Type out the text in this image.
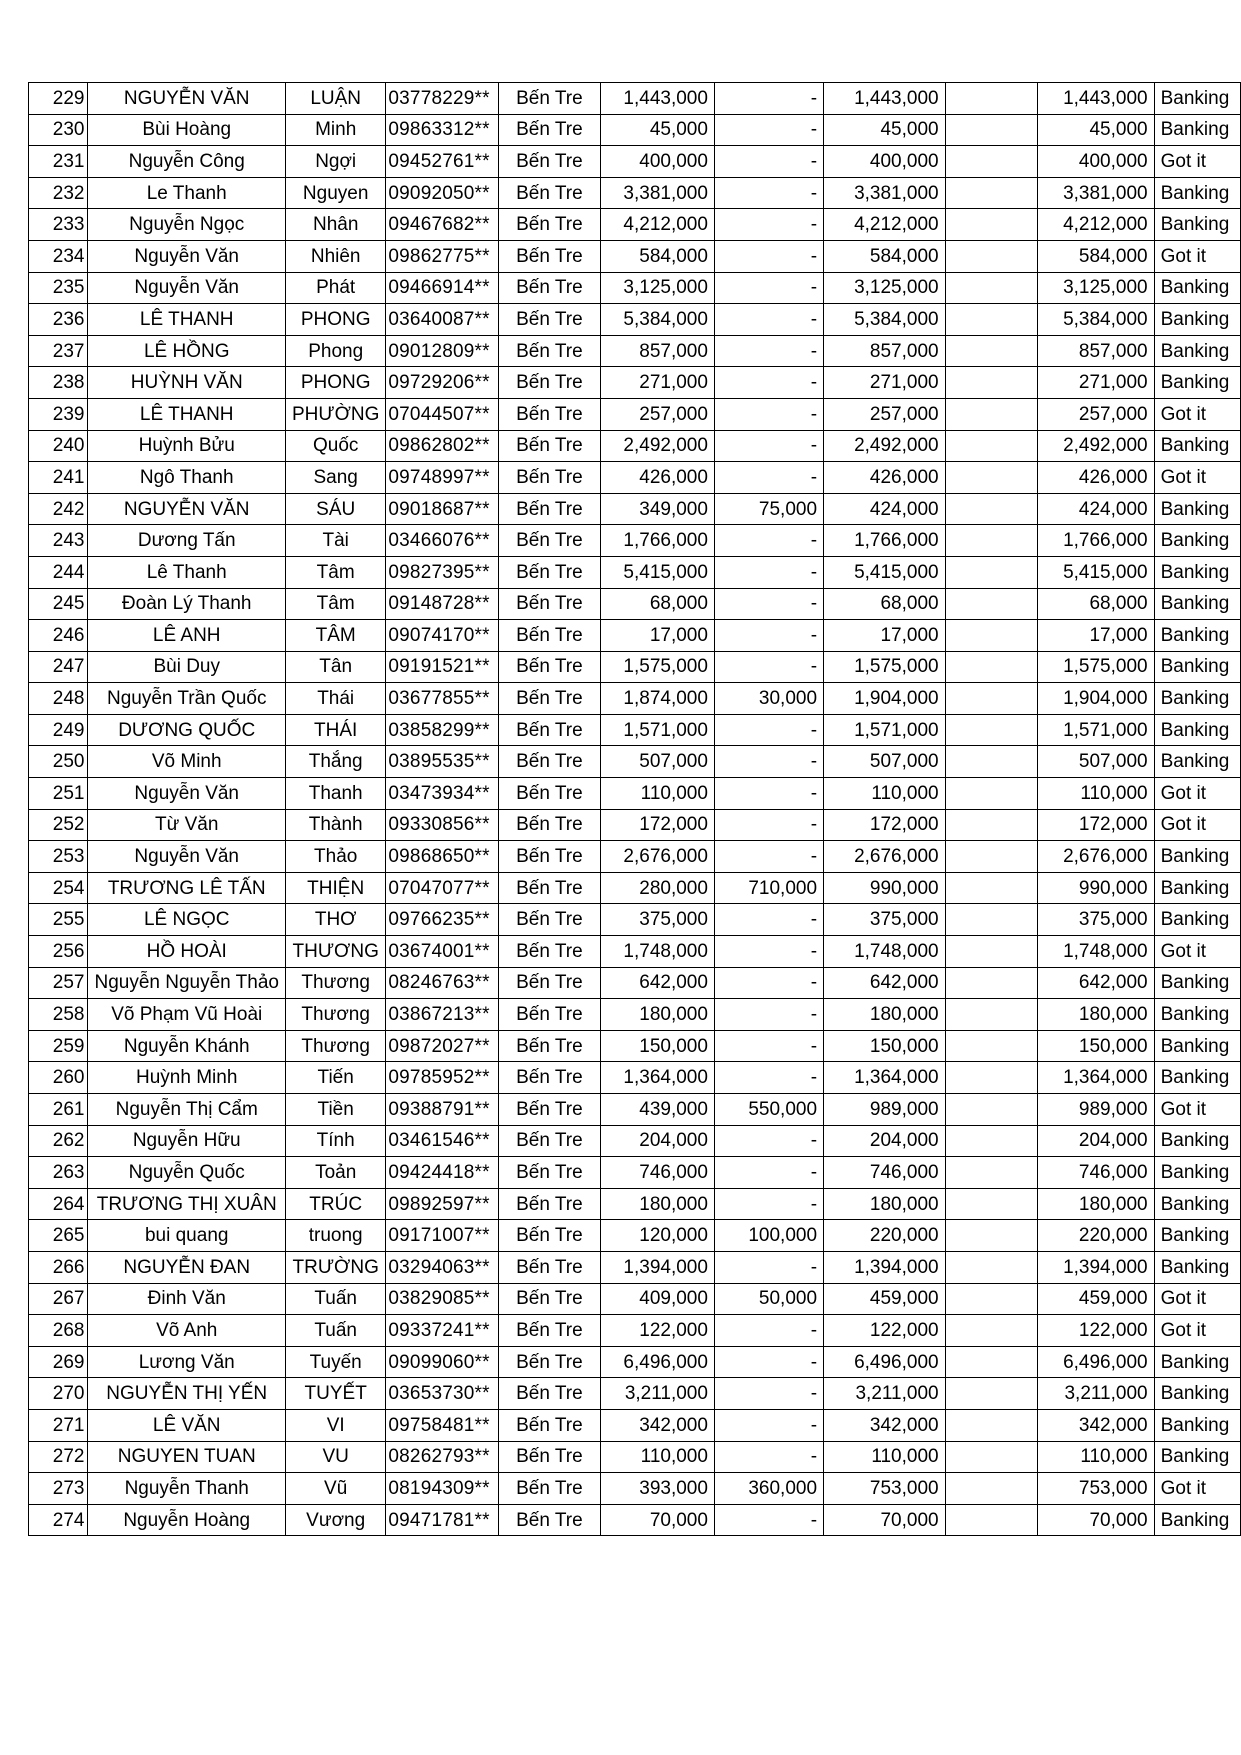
229	NGUYỄN VĂN	LUẬN	03778229**	Bến Tre	1,443,000	-	1,443,000		1,443,000	Banking
230	Bùi Hoàng	Minh	09863312**	Bến Tre	45,000	-	45,000		45,000	Banking
231	Nguyễn Công	Ngợi	09452761**	Bến Tre	400,000	-	400,000		400,000	Got it
232	Le Thanh	Nguyen	09092050**	Bến Tre	3,381,000	-	3,381,000		3,381,000	Banking
233	Nguyễn Ngọc	Nhân	09467682**	Bến Tre	4,212,000	-	4,212,000		4,212,000	Banking
234	Nguyễn Văn	Nhiên	09862775**	Bến Tre	584,000	-	584,000		584,000	Got it
235	Nguyễn Văn	Phát	09466914**	Bến Tre	3,125,000	-	3,125,000		3,125,000	Banking
236	LÊ THANH	PHONG	03640087**	Bến Tre	5,384,000	-	5,384,000		5,384,000	Banking
237	LÊ HỒNG	Phong	09012809**	Bến Tre	857,000	-	857,000		857,000	Banking
238	HUỲNH VĂN	PHONG	09729206**	Bến Tre	271,000	-	271,000		271,000	Banking
239	LÊ THANH	PHƯỜNG	07044507**	Bến Tre	257,000	-	257,000		257,000	Got it
240	Huỳnh Bửu	Quốc	09862802**	Bến Tre	2,492,000	-	2,492,000		2,492,000	Banking
241	Ngô Thanh	Sang	09748997**	Bến Tre	426,000	-	426,000		426,000	Got it
242	NGUYỄN VĂN	SÁU	09018687**	Bến Tre	349,000	75,000	424,000		424,000	Banking
243	Dương Tấn	Tài	03466076**	Bến Tre	1,766,000	-	1,766,000		1,766,000	Banking
244	Lê Thanh	Tâm	09827395**	Bến Tre	5,415,000	-	5,415,000		5,415,000	Banking
245	Đoàn Lý Thanh	Tâm	09148728**	Bến Tre	68,000	-	68,000		68,000	Banking
246	LÊ ANH	TÂM	09074170**	Bến Tre	17,000	-	17,000		17,000	Banking
247	Bùi Duy	Tân	09191521**	Bến Tre	1,575,000	-	1,575,000		1,575,000	Banking
248	Nguyễn Trần Quốc	Thái	03677855**	Bến Tre	1,874,000	30,000	1,904,000		1,904,000	Banking
249	DƯƠNG QUỐC	THÁI	03858299**	Bến Tre	1,571,000	-	1,571,000		1,571,000	Banking
250	Võ Minh	Thắng	03895535**	Bến Tre	507,000	-	507,000		507,000	Banking
251	Nguyễn Văn	Thanh	03473934**	Bến Tre	110,000	-	110,000		110,000	Got it
252	Từ Văn	Thành	09330856**	Bến Tre	172,000	-	172,000		172,000	Got it
253	Nguyễn Văn	Thảo	09868650**	Bến Tre	2,676,000	-	2,676,000		2,676,000	Banking
254	TRƯƠNG LÊ TẤN	THIỆN	07047077**	Bến Tre	280,000	710,000	990,000		990,000	Banking
255	LÊ NGỌC	THƠ	09766235**	Bến Tre	375,000	-	375,000		375,000	Banking
256	HỒ HOÀI	THƯƠNG	03674001**	Bến Tre	1,748,000	-	1,748,000		1,748,000	Got it
257	Nguyễn Nguyễn Thảo	Thương	08246763**	Bến Tre	642,000	-	642,000		642,000	Banking
258	Võ Phạm Vũ Hoài	Thương	03867213**	Bến Tre	180,000	-	180,000		180,000	Banking
259	Nguyễn Khánh	Thương	09872027**	Bến Tre	150,000	-	150,000		150,000	Banking
260	Huỳnh Minh	Tiến	09785952**	Bến Tre	1,364,000	-	1,364,000		1,364,000	Banking
261	Nguyễn Thị Cẩm	Tiền	09388791**	Bến Tre	439,000	550,000	989,000		989,000	Got it
262	Nguyễn Hữu	Tính	03461546**	Bến Tre	204,000	-	204,000		204,000	Banking
263	Nguyễn Quốc	Toản	09424418**	Bến Tre	746,000	-	746,000		746,000	Banking
264	TRƯƠNG THỊ XUÂN	TRÚC	09892597**	Bến Tre	180,000	-	180,000		180,000	Banking
265	bui quang	truong	09171007**	Bến Tre	120,000	100,000	220,000		220,000	Banking
266	NGUYỄN ĐAN	TRƯỜNG	03294063**	Bến Tre	1,394,000	-	1,394,000		1,394,000	Banking
267	Đinh Văn	Tuấn	03829085**	Bến Tre	409,000	50,000	459,000		459,000	Got it
268	Võ Anh	Tuấn	09337241**	Bến Tre	122,000	-	122,000		122,000	Got it
269	Lương Văn	Tuyến	09099060**	Bến Tre	6,496,000	-	6,496,000		6,496,000	Banking
270	NGUYỄN THỊ YẾN	TUYẾT	03653730**	Bến Tre	3,211,000	-	3,211,000		3,211,000	Banking
271	LÊ VĂN	VI	09758481**	Bến Tre	342,000	-	342,000		342,000	Banking
272	NGUYEN TUAN	VU	08262793**	Bến Tre	110,000	-	110,000		110,000	Banking
273	Nguyễn Thanh	Vũ	08194309**	Bến Tre	393,000	360,000	753,000		753,000	Got it
274	Nguyễn Hoàng	Vương	09471781**	Bến Tre	70,000	-	70,000		70,000	Banking
